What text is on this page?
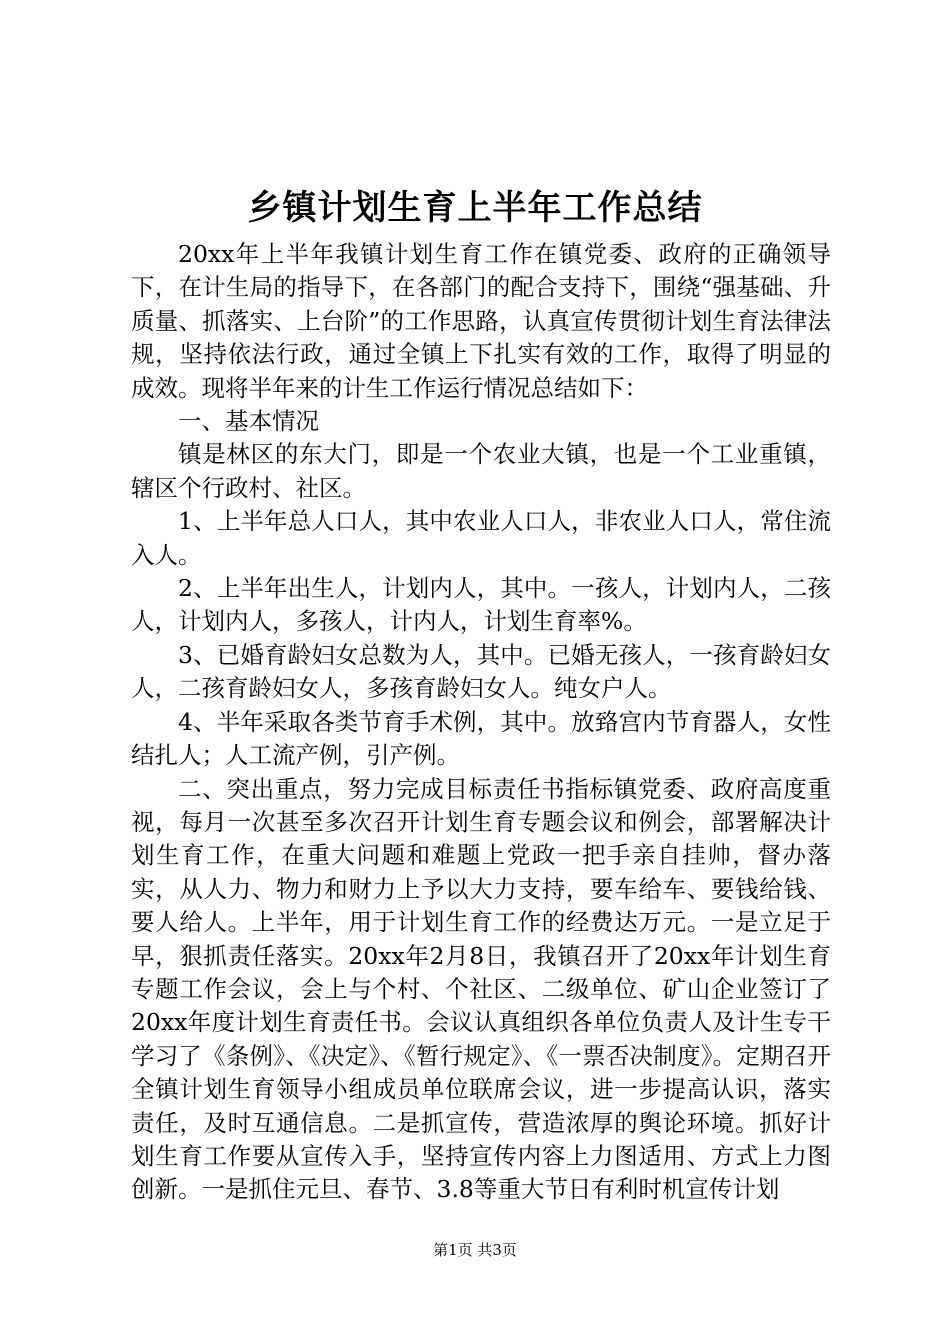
乡镇计划生育上半年工作总结

20xx年上半年我镇计划生育工作在镇党委、政府的正确领导下，在计生局的指导下，在各部门的配合支持下，围绕“强基础、升质量、抓落实、上台阶”的工作思路，认真宣传贯彻计划生育法律法规，坚持依法行政，通过全镇上下扎实有效的工作，取得了明显的成效。现将半年来的计生工作运行情况总结如下：

一、基本情况

镇是林区的东大门，即是一个农业大镇，也是一个工业重镇，辖区个行政村、社区。

1、上半年总人口人，其中农业人口人，非农业人口人，常住流入人。

2、上半年出生人，计划内人，其中。一孩人，计划内人，二孩人，计划内人，多孩人，计内人，计划生育率%。

3、已婚育龄妇女总数为人，其中。已婚无孩人，一孩育龄妇女人，二孩育龄妇女人，多孩育龄妇女人。纯女户人。

4、半年采取各类节育手术例，其中。放臵宫内节育器人，女性结扎人；人工流产例，引产例。

二、突出重点，努力完成目标责任书指标镇党委、政府高度重视，每月一次甚至多次召开计划生育专题会议和例会，部署解决计划生育工作，在重大问题和难题上党政一把手亲自挂帅，督办落实，从人力、物力和财力上予以大力支持，要车给车、要钱给钱、要人给人。上半年，用于计划生育工作的经费达万元。一是立足于早，狠抓责任落实。20xx年2月8日，我镇召开了20xx年计划生育专题工作会议，会上与个村、个社区、二级单位、矿山企业签订了20xx年度计划生育责任书。会议认真组织各单位负责人及计生专干学习了《条例》、《决定》、《暂行规定》、《一票否决制度》。定期召开全镇计划生育领导小组成员单位联席会议，进一步提高认识，落实责任，及时互通信息。二是抓宣传，营造浓厚的舆论环境。抓好计划生育工作要从宣传入手，坚持宣传内容上力图适用、方式上力图创新。一是抓住元旦、春节、3.8等重大节日有利时机宣传计划

第1页 共3页
